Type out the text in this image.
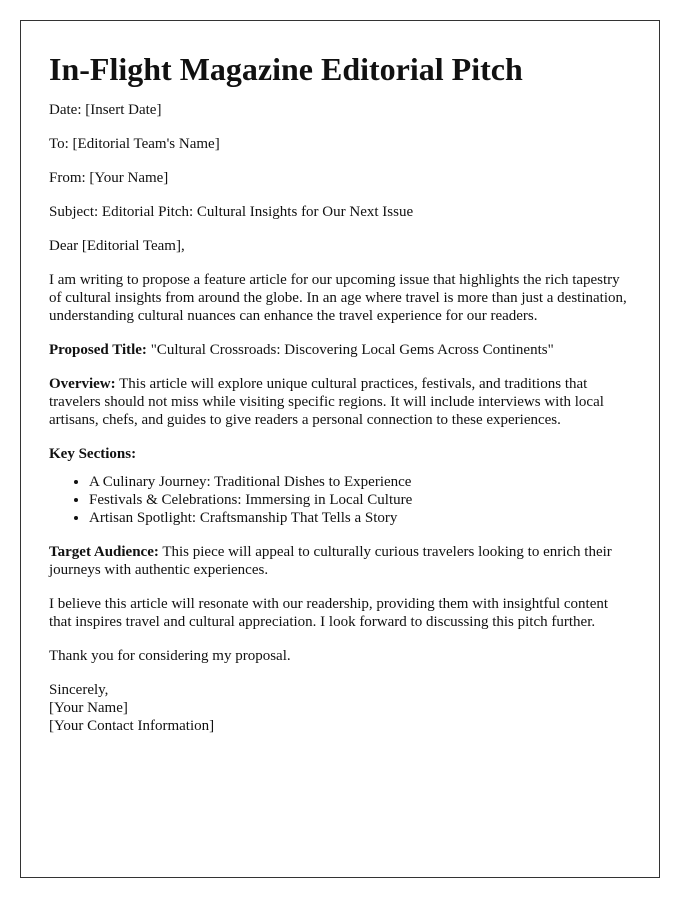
In-Flight Magazine Editorial Pitch

Date: [Insert Date]

To: [Editorial Team's Name]

From: [Your Name]

Subject: Editorial Pitch: Cultural Insights for Our Next Issue

Dear [Editorial Team],

I am writing to propose a feature article for our upcoming issue that highlights the rich tapestry of cultural insights from around the globe. In an age where travel is more than just a destination, understanding cultural nuances can enhance the travel experience for our readers.

Proposed Title: "Cultural Crossroads: Discovering Local Gems Across Continents"

Overview: This article will explore unique cultural practices, festivals, and traditions that travelers should not miss while visiting specific regions. It will include interviews with local artisans, chefs, and guides to give readers a personal connection to these experiences.

Key Sections:

• A Culinary Journey: Traditional Dishes to Experience
• Festivals & Celebrations: Immersing in Local Culture
• Artisan Spotlight: Craftsmanship That Tells a Story

Target Audience: This piece will appeal to culturally curious travelers looking to enrich their journeys with authentic experiences.

I believe this article will resonate with our readership, providing them with insightful content that inspires travel and cultural appreciation. I look forward to discussing this pitch further.

Thank you for considering my proposal.

Sincerely,
[Your Name]
[Your Contact Information]
